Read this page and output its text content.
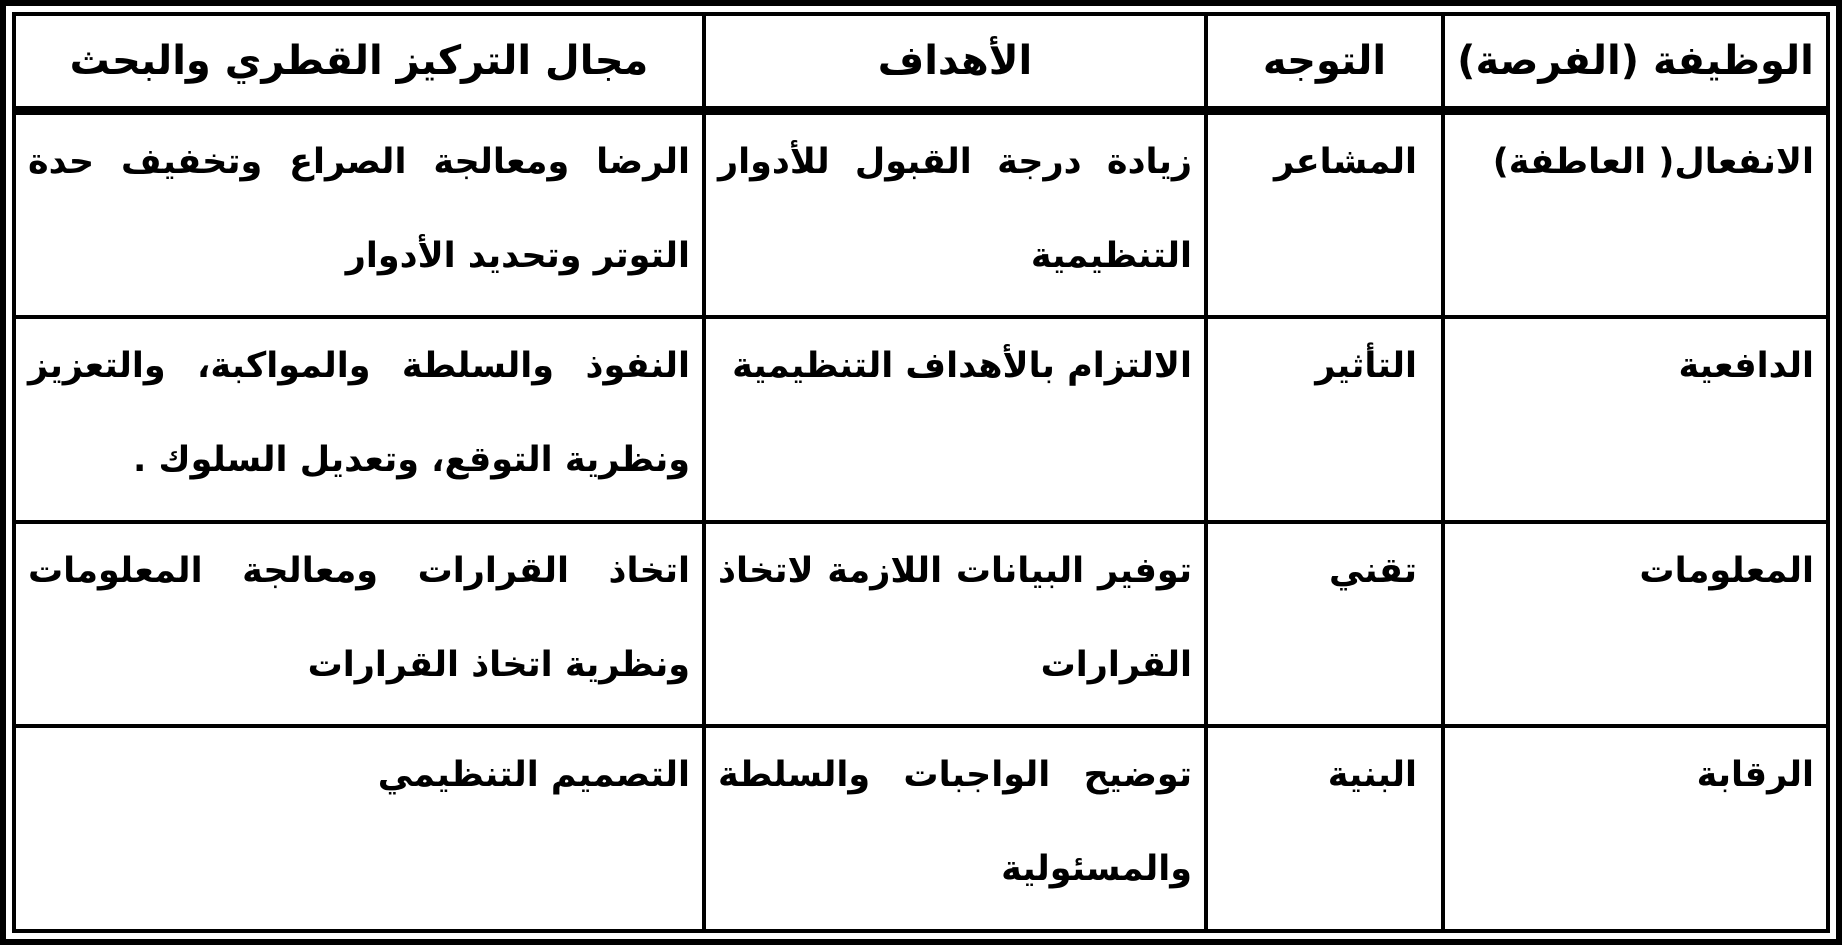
الوظيفة (الفرصة)	التوجه	الأهداف	مجال التركيز القطري والبحث
الانفعال( العاطفة)	المشاعر	زيادة درجة القبول للأدوار التنظيمية	الرضا ومعالجة الصراع وتخفيف حدة التوتر وتحديد الأدوار
الدافعية	التأثير	الالتزام بالأهداف التنظيمية	النفوذ والسلطة والمواكبة، والتعزيز ونظرية التوقع، وتعديل السلوك .
المعلومات	تقني	توفير البيانات اللازمة لاتخاذ القرارات	اتخاذ القرارات ومعالجة المعلومات ونظرية اتخاذ القرارات
الرقابة	البنية	توضيح الواجبات والسلطة والمسئولية	التصميم التنظيمي
